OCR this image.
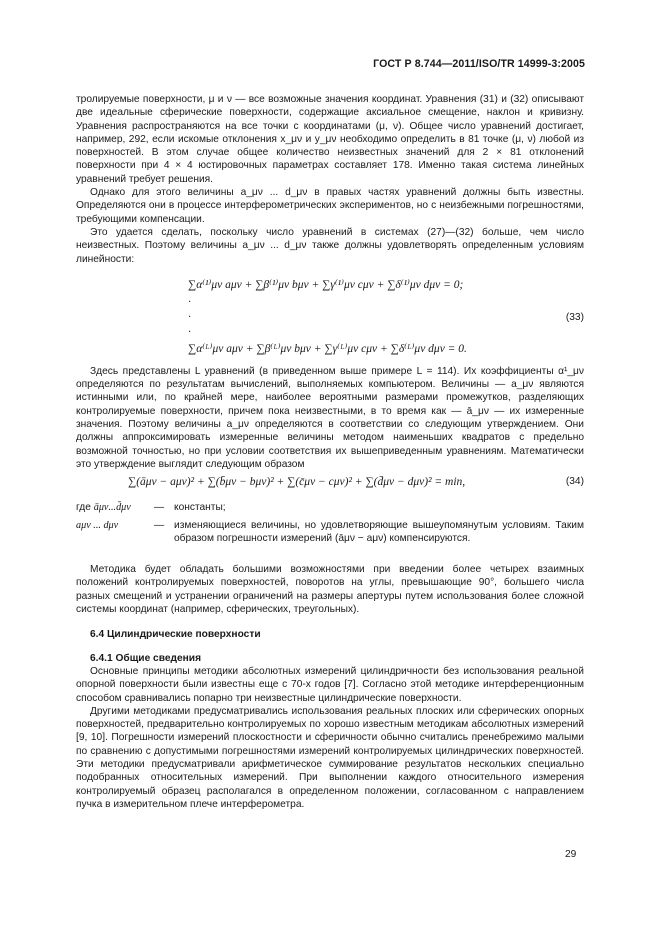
ГОСТ Р 8.744—2011/ISO/TR 14999-3:2005

тролируемые поверхности, μ и ν — все возможные значения координат. Уравнения (31) и (32) описывают две идеальные сферические поверхности, содержащие аксиальное смещение, наклон и кривизну. Уравнения распространяются на все точки с координатами (μ, ν). Общее число уравнений достигает, например, 292, если искомые отклонения x_μν и y_μν необходимо определить в 81 точке (μ, ν) любой из поверхностей. В этом случае общее количество неизвестных значений для 2 × 81 отклонений поверхности при 4 × 4 юстировочных параметрах составляет 178. Именно такая система линейных уравнений требует решения.

Однако для этого величины a_μν ... d_μν в правых частях уравнений должны быть известны. Определяются они в процессе интерферометрических экспериментов, но с неизбежными погрешностями, требующими компенсации.

Это удается сделать, поскольку число уравнений в системах (27)—(32) больше, чем число неизвестных. Поэтому величины a_μν ... d_μν также должны удовлетворять определенным условиям линейности:

∑α⁽¹⁾μν aμν + ∑β⁽¹⁾μν bμν + ∑γ⁽¹⁾μν cμν + ∑δ⁽¹⁾μν dμν = 0;
·
·	(33)
·
∑α⁽ᴸ⁾μν aμν + ∑β⁽ᴸ⁾μν bμν + ∑γ⁽ᴸ⁾μν cμν + ∑δ⁽ᴸ⁾μν dμν = 0.

Здесь представлены L уравнений (в приведенном выше примере L = 114). Их коэффициенты α¹_μν определяются по результатам вычислений, выполняемых компьютером. Величины — a_μν являются истинными или, по крайней мере, наиболее вероятными размерами промежутков, разделяющих контролируемые поверхности, причем пока неизвестными, в то время как — ā_μν — их измеренные значения. Поэтому величины a_μν определяются в соответствии со следующим утверждением. Они должны аппроксимировать измеренные величины методом наименьших квадратов с предельно возможной точностью, но при условии соответствия их вышеприведенным уравнениям. Математически это утверждение выглядит следующим образом

∑(āμν − aμν)² + ∑(b̄μν − bμν)² + ∑(c̄μν − cμν)² + ∑(d̄μν − dμν)² = min,	(34)
где āμν...d̄μν	— константы;
aμν ... dμν	— изменяющиеся величины, но удовлетворяющие вышеупомянутым условиям. Таким образом погрешности измерений (āμν − aμν) компенсируются.

Методика будет обладать большими возможностями при введении более четырех взаимных положений контролируемых поверхностей, поворотов на углы, превышающие 90°, большего числа разных смещений и устранении ограничений на размеры апертуры путем использования более сложной системы координат (например, сферических, треугольных).

6.4 Цилиндрические поверхности
6.4.1 Общие сведения

Основные принципы методики абсолютных измерений цилиндричности без использования реальной опорной поверхности были известны еще с 70-х годов [7]. Согласно этой методике интерференционным способом сравнивались попарно три неизвестные цилиндрические поверхности.

Другими методиками предусматривались использования реальных плоских или сферических опорных поверхностей, предварительно контролируемых по хорошо известным методикам абсолютных измерений [9, 10]. Погрешности измерений плоскостности и сферичности обычно считались пренебрежимо малыми по сравнению с допустимыми погрешностями измерений контролируемых цилиндрических поверхностей. Эти методики предусматривали арифметическое суммирование результатов нескольких специально подобранных относительных измерений. При выполнении каждого относительного измерения контролируемый образец располагался в определенном положении, согласованном с направлением пучка в измерительном плече интерферометра.

29
